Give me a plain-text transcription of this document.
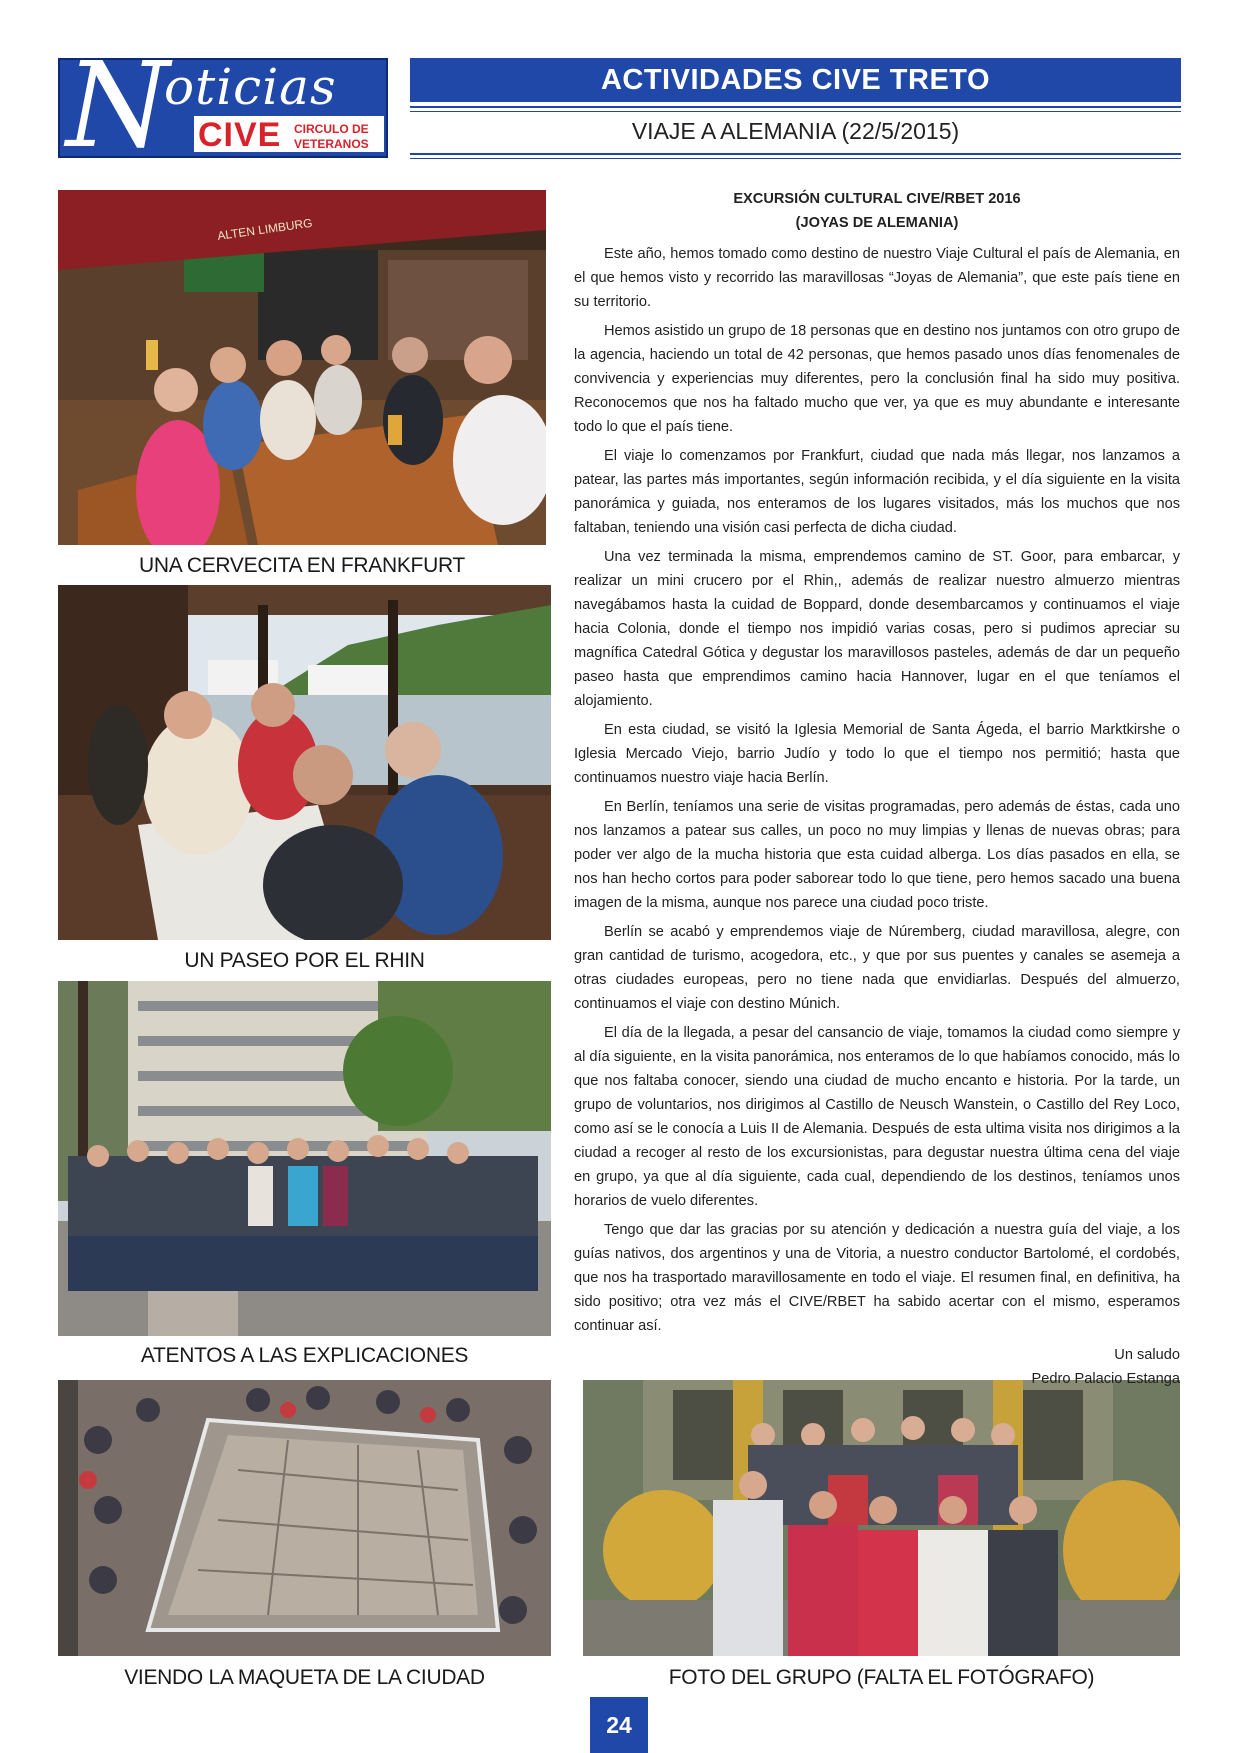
N
oticias
CIVE CIRCULO DE
VETERANOS
ACTIVIDADES CIVE TRETO
VIAJE A ALEMANIA (22/5/2015)
ALTEN LIMBURG
UNA CERVECITA EN FRANKFURT
UN PASEO POR EL RHIN
ATENTOS A LAS EXPLICACIONES
VIENDO LA MAQUETA DE LA CIUDAD	FOTO DEL GRUPO (FALTA EL FOTÓGRAFO)
EXCURSIÓN CULTURAL CIVE/RBET 2016
(JOYAS DE ALEMANIA)

Este año, hemos tomado como destino de nuestro Viaje Cultural el país de Alemania, en el que hemos visto y recorrido las maravillosas “Joyas de Alemania”, que este país tiene en su territorio.

Hemos asistido un grupo de 18 personas que en destino nos juntamos con otro grupo de la agencia, haciendo un total de 42 personas, que hemos pasado unos días fenomenales de convivencia y experiencias muy diferentes, pero la conclusión final ha sido muy positiva. Reconocemos que nos ha faltado mucho que ver, ya que es muy abundante e interesante todo lo que el país tiene.

El viaje lo comenzamos por Frankfurt, ciudad que nada más llegar, nos lanzamos a patear, las partes más importantes, según información recibida, y el día siguiente en la visita panorámica y guiada, nos enteramos de los lugares visitados, más los muchos que nos faltaban, teniendo una visión casi perfecta de dicha ciudad.

Una vez terminada la misma, emprendemos camino de ST. Goor, para embarcar, y realizar un mini crucero por el Rhin,, además de realizar nuestro almuerzo mientras navegábamos hasta la cuidad de Boppard, donde desembarcamos y continuamos el viaje hacia Colonia, donde el tiempo nos impidió varias cosas, pero si pudimos apreciar su magnífica Catedral Gótica y degustar los maravillosos pasteles, además de dar un pequeño paseo hasta que emprendimos camino hacia Hannover, lugar en el que teníamos el alojamiento.

En esta ciudad, se visitó la Iglesia Memorial de Santa Ágeda, el barrio Marktkirshe o Iglesia Mercado Viejo, barrio Judío y todo lo que el tiempo nos permitió; hasta que continuamos nuestro viaje hacia Berlín.

En Berlín, teníamos una serie de visitas programadas, pero además de éstas, cada uno nos lanzamos a patear sus calles, un poco no muy limpias y llenas de nuevas obras; para poder ver algo de la mucha historia que esta cuidad alberga. Los días pasados en ella, se nos han hecho cortos para poder saborear todo lo que tiene, pero hemos sacado una buena imagen de la misma, aunque nos parece una ciudad poco triste.

Berlín se acabó y emprendemos viaje de Núremberg, ciudad maravillosa, alegre, con gran cantidad de turismo, acogedora, etc., y que por sus puentes y canales se asemeja a otras ciudades europeas, pero no tiene nada que envidiarlas. Después del almuerzo, continuamos el viaje con destino Múnich.

El día de la llegada, a pesar del cansancio de viaje, tomamos la ciudad como siempre y al día siguiente, en la visita panorámica, nos enteramos de lo que habíamos conocido, más lo que nos faltaba conocer, siendo una ciudad de mucho encanto e historia. Por la tarde, un grupo de voluntarios, nos dirigimos al Castillo de Neusch Wanstein, o Castillo del Rey Loco, como así se le conocía a Luis II de Alemania. Después de esta ultima visita nos dirigimos a la ciudad a recoger al resto de los excursionistas, para degustar nuestra última cena del viaje en grupo, ya que al día siguiente, cada cual, dependiendo de los destinos, teníamos unos horarios de vuelo diferentes.

Tengo que dar las gracias por su atención y dedicación a nuestra guía del viaje, a los guías nativos, dos argentinos y una de Vitoria, a nuestro conductor Bartolomé, el cordobés, que nos ha trasportado maravillosamente en todo el viaje. El resumen final, en definitiva, ha sido positivo; otra vez más el CIVE/RBET ha sabido acertar con el mismo, esperamos continuar así.

Un saludo

Pedro Palacio Estanga

24
